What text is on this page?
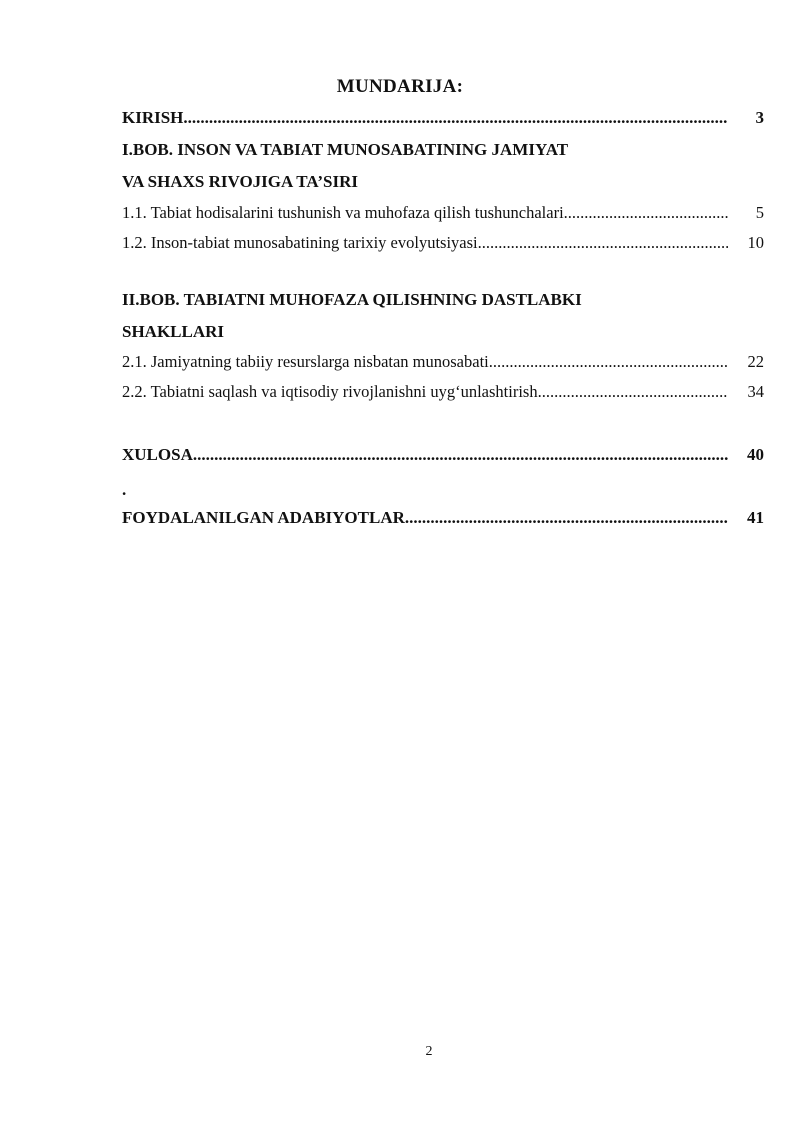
MUNDARIJA:
KIRISH .....	3
I.BOB. INSON VA TABIAT MUNOSABATINING JAMIYAT
VA SHAXS RIVOJIGA TA’SIRI
1.1. Tabiat hodisalarini tushunish va muhofaza qilish tushunchalari .....	5
1.2. Inson-tabiat munosabatining tarixiy evolyutsiyasi .....	10
II.BOB. TABIATNI MUHOFAZA QILISHNING DASTLABKI
SHAKLLARI
2.1. Jamiyatning tabiiy resurslarga nisbatan munosabati .....	22
2.2. Tabiatni saqlash va iqtisodiy rivojlanishni uyg‘unlashtirish .....	34
XULOSA .....	40
.
FOYDALANILGAN ADABIYOTLAR .....	41
2
